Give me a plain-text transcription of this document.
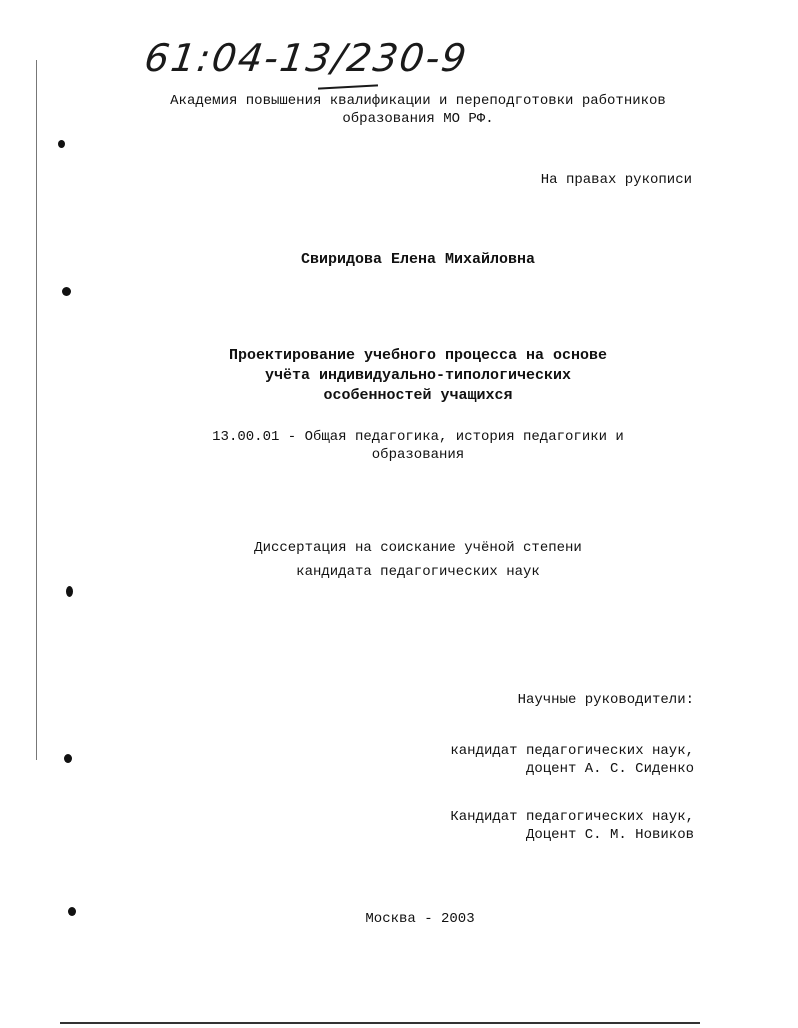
61:04-13/230-9
Академия повышения квалификации и переподготовки работников
образования МО РФ.
На правах рукописи
Свиридова Елена Михайловна
Проектирование учебного процесса на основе
учёта индивидуально-типологических
особенностей учащихся
13.00.01 - Общая педагогика, история педагогики и
образования
Диссертация на соискание учёной степени
кандидата педагогических наук
Научные руководители:
кандидат педагогических наук,
доцент А. С. Сиденко
Кандидат педагогических наук,
Доцент С. М. Новиков
Москва - 2003
